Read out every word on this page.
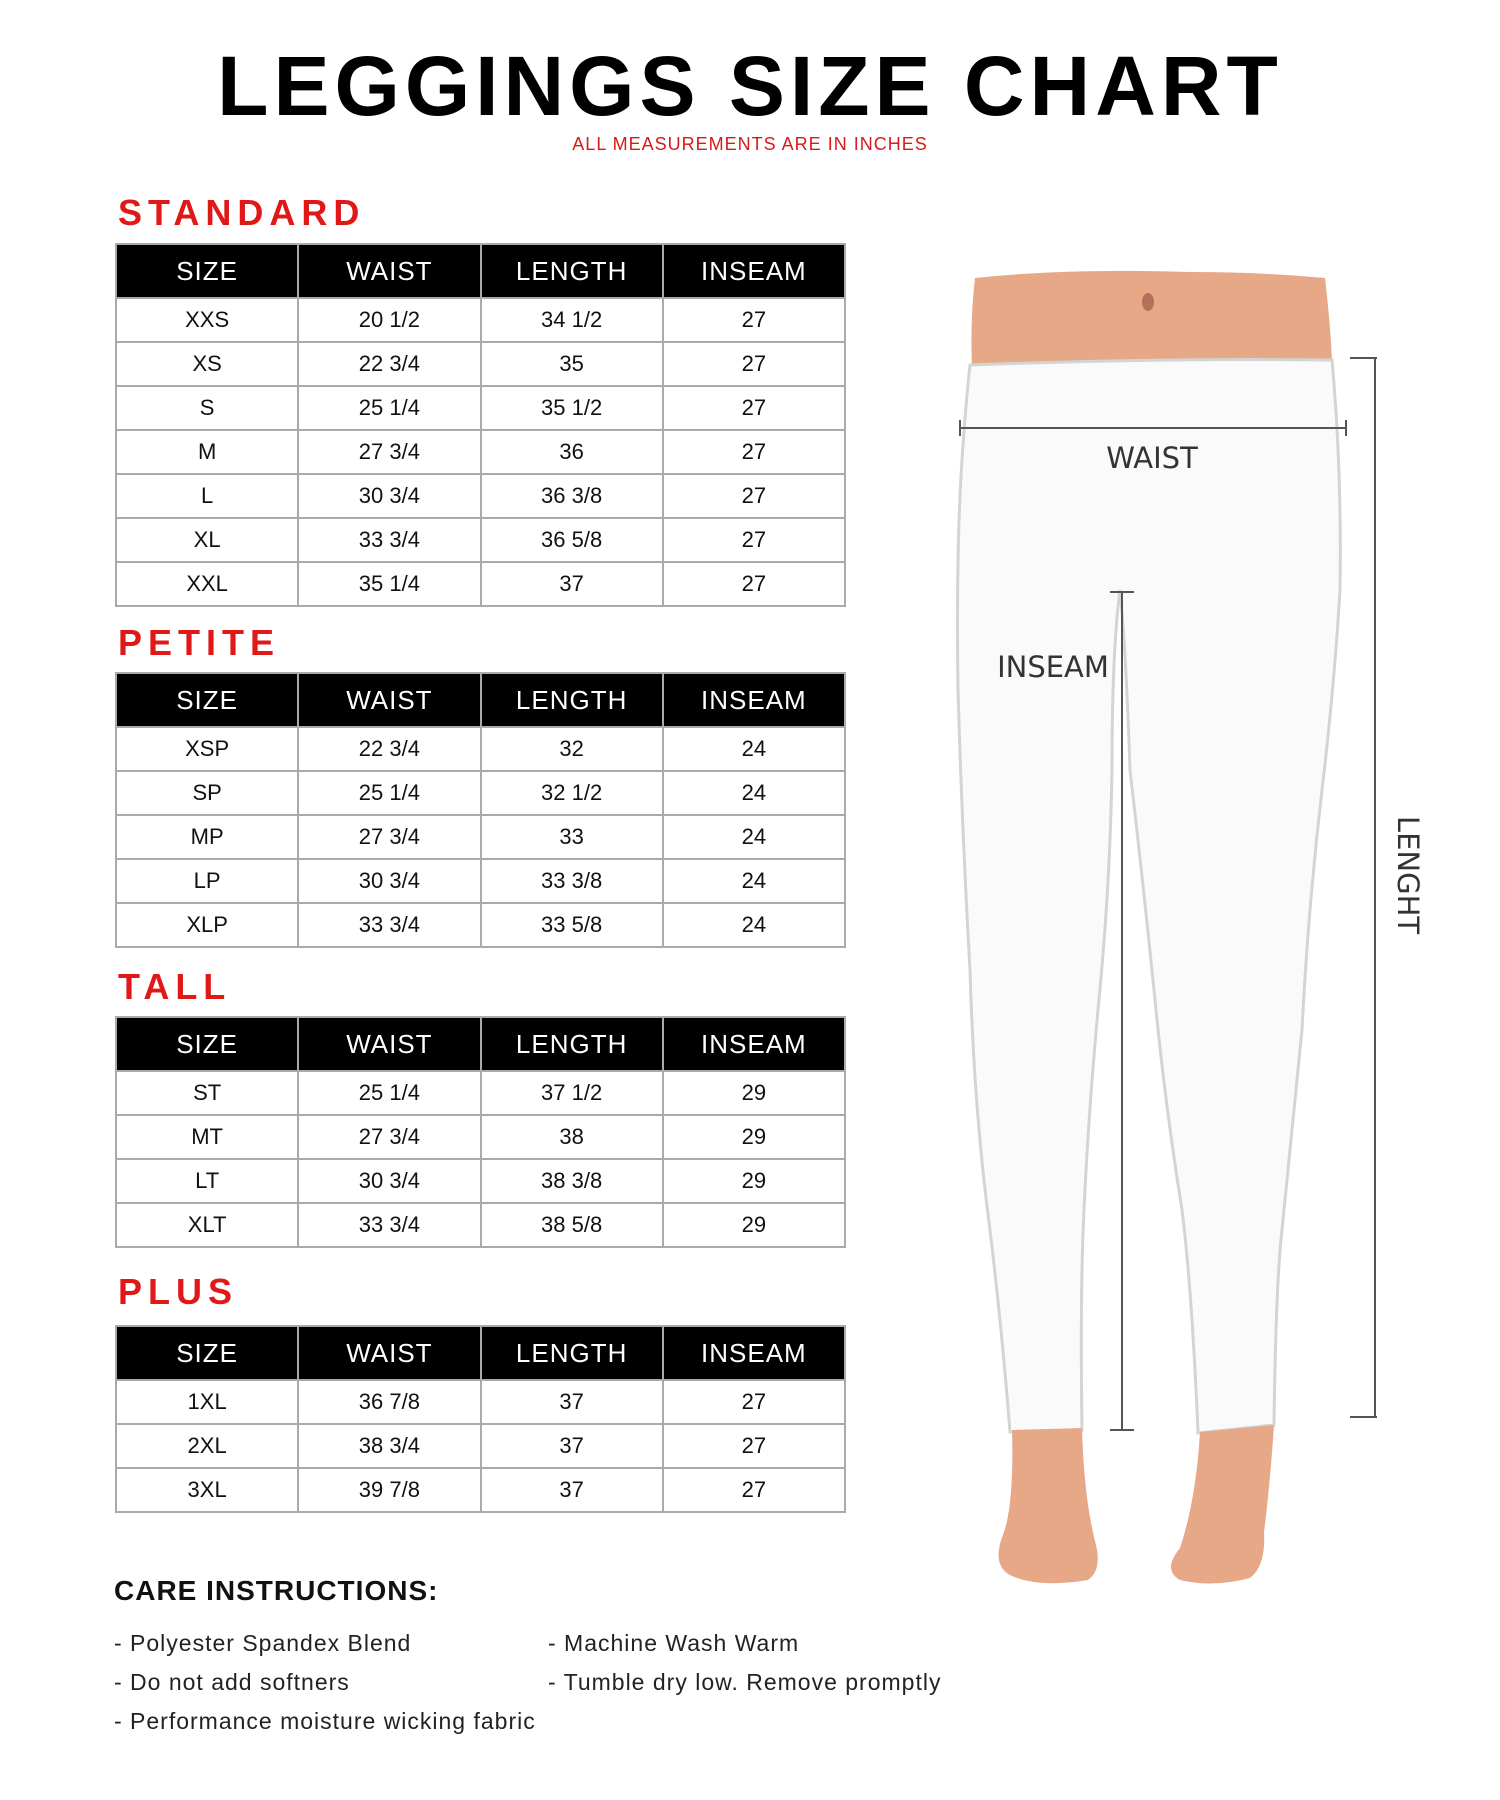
LEGGINGS SIZE CHART
ALL MEASUREMENTS ARE IN INCHES
STANDARD
SIZE	WAIST	LENGTH	INSEAM
XXS	20 1/2	34 1/2	27
XS	22 3/4	35	27
S	25 1/4	35 1/2	27
M	27 3/4	36	27
L	30 3/4	36 3/8	27
XL	33 3/4	36 5/8	27
XXL	35 1/4	37	27
PETITE
SIZE	WAIST	LENGTH	INSEAM
XSP	22 3/4	32	24
SP	25 1/4	32 1/2	24
MP	27 3/4	33	24
LP	30 3/4	33 3/8	24
XLP	33 3/4	33 5/8	24
TALL
SIZE	WAIST	LENGTH	INSEAM
ST	25 1/4	37 1/2	29
MT	27 3/4	38	29
LT	30 3/4	38 3/8	29
XLT	33 3/4	38 5/8	29
PLUS
SIZE	WAIST	LENGTH	INSEAM
1XL	36 7/8	37	27
2XL	38 3/4	37	27
3XL	39 7/8	37	27
CARE INSTRUCTIONS:
- Polyester Spandex Blend	- Machine Wash Warm
- Do not add softners	- Tumble dry low. Remove promptly
- Performance moisture wicking fabric
WAIST
INSEAM
LENGHT
